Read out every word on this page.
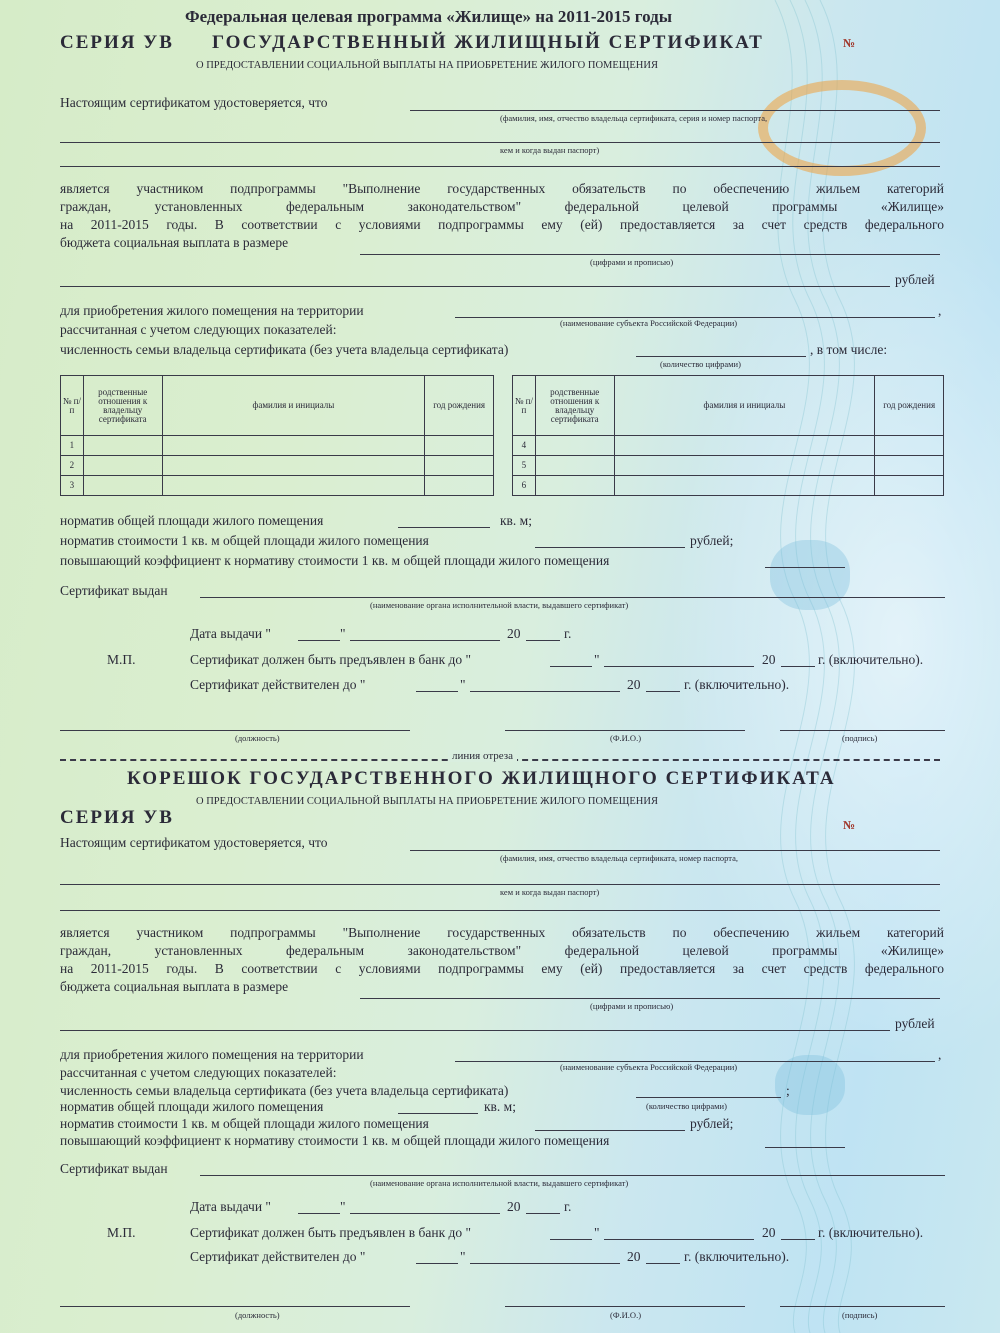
Федеральная целевая программа «Жилище» на 2011-2015 годы
СЕРИЯ УВ ГОСУДАРСТВЕННЫЙ ЖИЛИЩНЫЙ СЕРТИФИКАТ	№
О ПРЕДОСТАВЛЕНИИ СОЦИАЛЬНОЙ ВЫПЛАТЫ НА ПРИОБРЕТЕНИЕ ЖИЛОГО ПОМЕЩЕНИЯ
Настоящим сертификатом удостоверяется, что
(фамилия, имя, отчество владельца сертификата, серия и номер паспорта,
кем и когда выдан паспорт)
является участником подпрограммы "Выполнение государственных обязательств по обеспечению жильем категорий
граждан, установленных федеральным законодательством" федеральной целевой программы «Жилище»
на 2011-2015 годы. В соответствии с условиями подпрограммы ему (ей) предоставляется за счет средств федерального
бюджета социальная выплата в размере
(цифрами и прописью)
рублей
для приобретения жилого помещения на территории	,
(наименование субъекта Российской Федерации)
рассчитанная с учетом следующих показателей:
численность семьи владельца сертификата (без учета владельца сертификата)	, в том числе:
(количество цифрами)
№ п/п	родственные отношения к владельцу сертификата	фамилия и инициалы	год рождения
1			
2			
3			
№ п/п	родственные отношения к владельцу сертификата	фамилия и инициалы	год рождения
4			
5			
6			
норматив общей площади жилого помещения	кв. м;
норматив стоимости 1 кв. м общей площади жилого помещения	рублей;
повышающий коэффициент к нормативу стоимости 1 кв. м общей площади жилого помещения
Сертификат выдан
(наименование органа исполнительной власти, выдавшего сертификат)
Дата выдачи "	"	20	г.
М.П.	Сертификат должен быть предъявлен в банк до "	"	20	г. (включительно).
Сертификат действителен до "	"	20	г. (включительно).
(должность)	(Ф.И.О.)	(подпись)
линия отреза
КОРЕШОК ГОСУДАРСТВЕННОГО ЖИЛИЩНОГО СЕРТИФИКАТА
О ПРЕДОСТАВЛЕНИИ СОЦИАЛЬНОЙ ВЫПЛАТЫ НА ПРИОБРЕТЕНИЕ ЖИЛОГО ПОМЕЩЕНИЯ
СЕРИЯ УВ	№
Настоящим сертификатом удостоверяется, что
(фамилия, имя, отчество владельца сертификата, номер паспорта,
кем и когда выдан паспорт)
является участником подпрограммы "Выполнение государственных обязательств по обеспечению жильем категорий
граждан, установленных федеральным законодательством" федеральной целевой программы «Жилище»
на 2011-2015 годы. В соответствии с условиями подпрограммы ему (ей) предоставляется за счет средств федерального
бюджета социальная выплата в размере
(цифрами и прописью)
рублей
для приобретения жилого помещения на территории	,
(наименование субъекта Российской Федерации)
рассчитанная с учетом следующих показателей:
численность семьи владельца сертификата (без учета владельца сертификата)	;
(количество цифрами)
норматив общей площади жилого помещения	кв. м;
норматив стоимости 1 кв. м общей площади жилого помещения	рублей;
повышающий коэффициент к нормативу стоимости 1 кв. м общей площади жилого помещения
Сертификат выдан
(наименование органа исполнительной власти, выдавшего сертификат)
Дата выдачи "	"	20	г.
М.П.	Сертификат должен быть предъявлен в банк до "	"	20	г. (включительно).
Сертификат действителен до "	"	20	г. (включительно).
(должность)	(Ф.И.О.)	(подпись)
